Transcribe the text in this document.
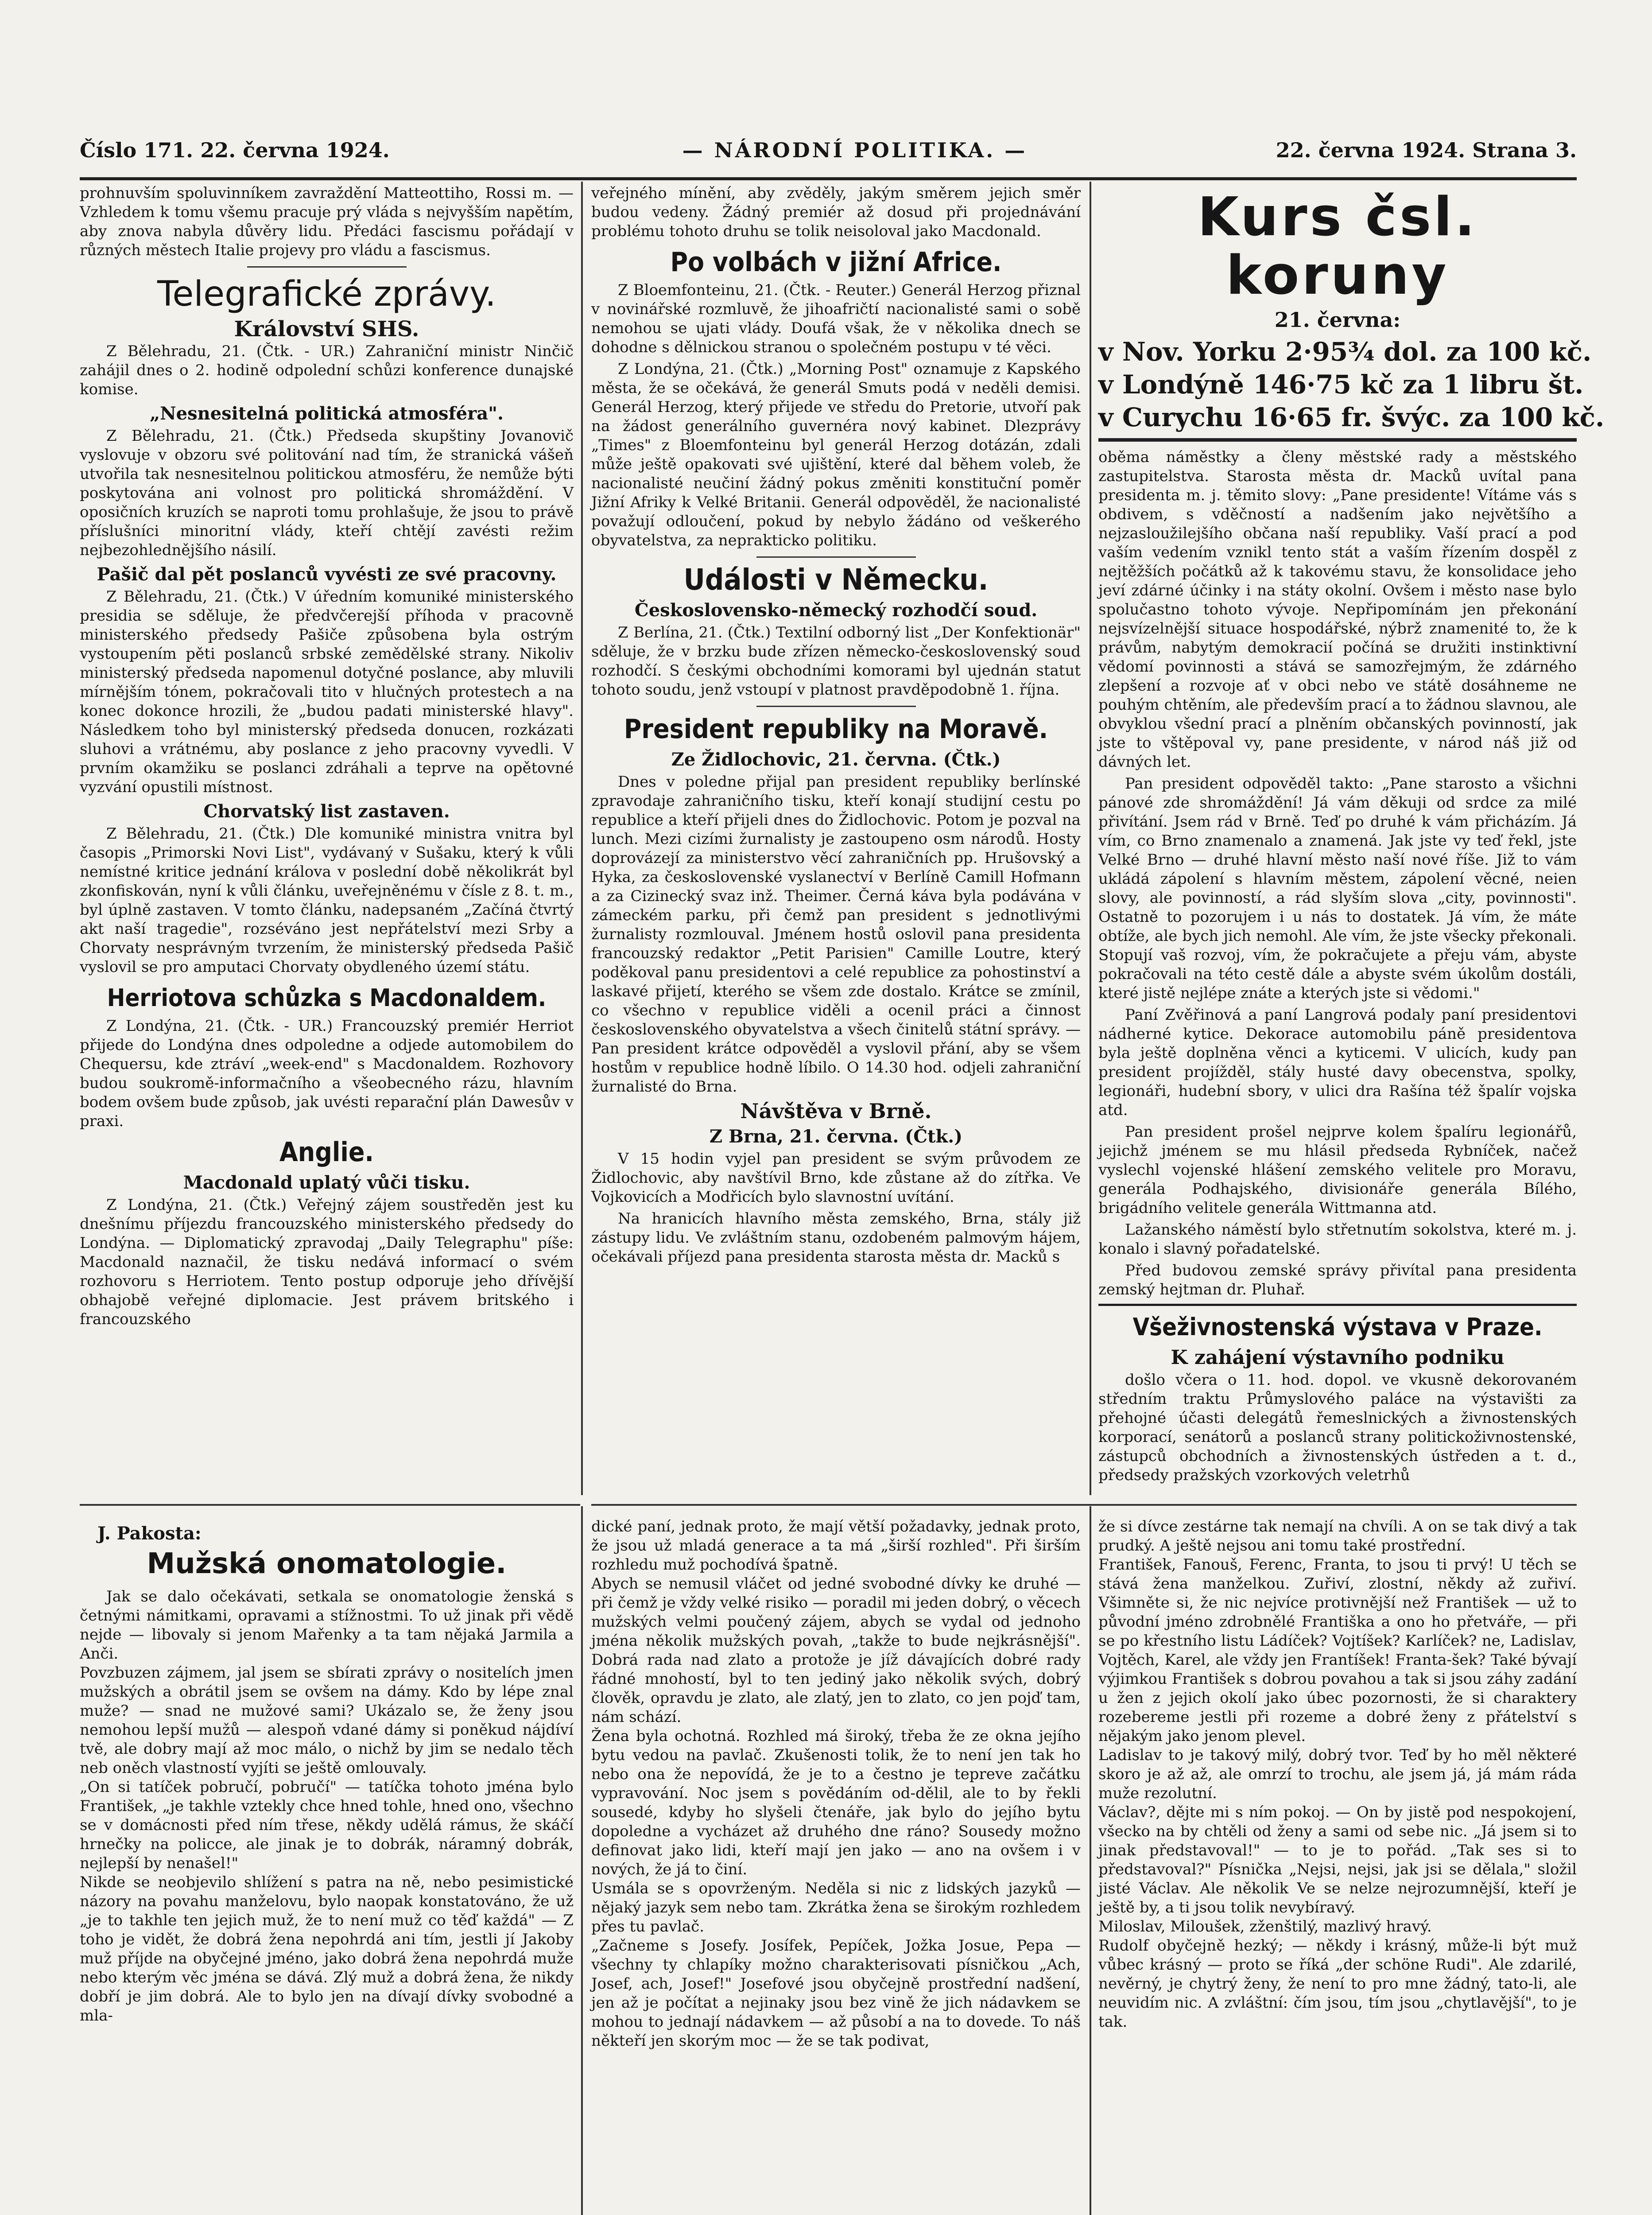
Číslo 171. 22. června 1924.	— NÁRODNÍ POLITIKA. —	22. června 1924. Strana 3.

prohnuvším spoluvinníkem zavraždění Matteottiho, Rossi m. — Vzhledem k tomu všemu pracuje prý vláda s nejvyšším napětím, aby znova nabyla důvěry lidu. Předáci fascismu pořádají v různých městech Italie projevy pro vládu a fascismus.

Telegrafické zprávy.
Království SHS.

Z Bělehradu, 21. (Čtk. - UR.) Zahraniční ministr Ninčič zahájil dnes o 2. hodině odpolední schůzi konference dunajské komise.

„Nesnesitelná politická atmosféra".

Z Bělehradu, 21. (Čtk.) Předseda skupštiny Jovanovič vyslovuje v obzoru své politování nad tím, že stranická vášeň utvořila tak nesnesitelnou politickou atmosféru, že nemůže býti poskytována ani volnost pro politická shromáždění. V oposičních kruzích se naproti tomu prohlašuje, že jsou to právě příslušníci minoritní vlády, kteří chtějí zavésti režim nejbezohlednějšího násilí.

Pašič dal pět poslanců vyvésti ze své pracovny.

Z Bělehradu, 21. (Čtk.) V úředním komuniké ministerského presidia se sděluje, že předvčerejší příhoda v pracovně ministerského předsedy Pašiče způsobena byla ostrým vystoupením pěti poslanců srbské zemědělské strany. Nikoliv ministerský předseda napomenul dotyčné poslance, aby mluvili mírnějším tónem, pokračovali tito v hlučných protestech a na konec dokonce hrozili, že „budou padati ministerské hlavy". Následkem toho byl ministerský předseda donucen, rozkázati sluhovi a vrátnému, aby poslance z jeho pracovny vyvedli. V prvním okamžiku se poslanci zdráhali a teprve na opětovné vyzvání opustili místnost.

Chorvatský list zastaven.

Z Bělehradu, 21. (Čtk.) Dle komuniké ministra vnitra byl časopis „Primorski Novi List", vydávaný v Sušaku, který k vůli nemístné kritice jednání králova v poslední době několikrát byl zkonfiskován, nyní k vůli článku, uveřejněnému v čísle z 8. t. m., byl úplně zastaven. V tomto článku, nadepsaném „Začíná čtvrtý akt naší tragedie", rozséváno jest nepřátelství mezi Srby a Chorvaty nesprávným tvrzením, že ministerský předseda Pašič vyslovil se pro amputaci Chorvaty obydleného území státu.

Herriotova schůzka s Macdonaldem.

Z Londýna, 21. (Čtk. - UR.) Francouzský premiér Herriot přijede do Londýna dnes odpoledne a odjede automobilem do Chequersu, kde ztráví „week-end" s Macdonaldem. Rozhovory budou soukromě-informačního a všeobecného rázu, hlavním bodem ovšem bude způsob, jak uvésti reparační plán Dawesův v praxi.

Anglie.
Macdonald uplatý vůči tisku.

Z Londýna, 21. (Čtk.) Veřejný zájem soustředěn jest ku dnešnímu příjezdu francouzského ministerského předsedy do Londýna. — Diplomatický zpravodaj „Daily Telegraphu" píše: Macdonald naznačil, že tisku nedává informací o svém rozhovoru s Herriotem. Tento postup odporuje jeho dřívější obhajobě veřejné diplomacie. Jest právem britského i francouzského

veřejného mínění, aby zvěděly, jakým směrem jejich směr budou vedeny. Žádný premiér až dosud při projednávání problému tohoto druhu se tolik neisoloval jako Macdonald.

Po volbách v jižní Africe.

Z Bloemfonteinu, 21. (Čtk. - Reuter.) Generál Herzog přiznal v novinářské rozmluvě, že jihoafričtí nacionalisté sami o sobě nemohou se ujati vlády. Doufá však, že v několika dnech se dohodne s dělnickou stranou o společném postupu v té věci.

Z Londýna, 21. (Čtk.) „Morning Post" oznamuje z Kapského města, že se očekává, že generál Smuts podá v neděli demisi. Generál Herzog, který přijede ve středu do Pretorie, utvoří pak na žádost generálního guvernéra nový kabinet. Dlezprávy „Times" z Bloemfonteinu byl generál Herzog dotázán, zdali může ještě opakovati své ujištění, které dal během voleb, že nacionalisté neučiní žádný pokus změniti konstituční poměr Jižní Afriky k Velké Britanii. Generál odpověděl, že nacionalisté považují odloučení, pokud by nebylo žádáno od veškerého obyvatelstva, za neprakticko politiku.

Události v Německu.
Československo-německý rozhodčí soud.

Z Berlína, 21. (Čtk.) Textilní odborný list „Der Konfektionär" sděluje, že v brzku bude zřízen německo-československý soud rozhodčí. S českými obchodními komorami byl ujednán statut tohoto soudu, jenž vstoupí v platnost pravděpodobně 1. října.

President republiky na Moravě.
Ze Židlochovic, 21. června. (Čtk.)

Dnes v poledne přijal pan president republiky berlínské zpravodaje zahraničního tisku, kteří konají studijní cestu po republice a kteří přijeli dnes do Židlochovic. Potom je pozval na lunch. Mezi cizími žurnalisty je zastoupeno osm národů. Hosty doprovázejí za ministerstvo věcí zahraničních pp. Hrušovský a Hyka, za československé vyslanectví v Berlíně Camill Hofmann a za Cizinecký svaz inž. Theimer. Černá káva byla podávána v zámeckém parku, při čemž pan president s jednotlivými žurnalisty rozmlouval. Jménem hostů oslovil pana presidenta francouzský redaktor „Petit Parisien" Camille Loutre, který poděkoval panu presidentovi a celé republice za pohostinství a laskavé přijetí, kterého se všem zde dostalo. Krátce se zmínil, co všechno v republice viděli a ocenil práci a činnost československého obyvatelstva a všech činitelů státní správy. — Pan president krátce odpověděl a vyslovil přání, aby se všem hostům v republice hodně líbilo. O 14.30 hod. odjeli zahraniční žurnalisté do Brna.

Návštěva v Brně.
Z Brna, 21. června. (Čtk.)

V 15 hodin vyjel pan president se svým průvodem ze Židlochovic, aby navštívil Brno, kde zůstane až do zítřka. Ve Vojkovicích a Modřicích bylo slavnostní uvítání.

Na hranicích hlavního města zemského, Brna, stály již zástupy lidu. Ve zvláštním stanu, ozdobeném palmovým hájem, očekávali příjezd pana presidenta starosta města dr. Macků s

Kurs čsl. koruny
21. června:

v Nov. Yorku 2·95¾ dol. za 100 kč.

v Londýně 146·75 kč za 1 libru št.

v Curychu 16·65 fr. švýc. za 100 kč.

oběma náměstky a členy městské rady a městského zastupitelstva. Starosta města dr. Macků uvítal pana presidenta m. j. těmito slovy: „Pane presidente! Vítáme vás s obdivem, s vděčností a nadšením jako největšího a nejzasloužilejšího občana naší republiky. Vaší prací a pod vaším vedením vznikl tento stát a vaším řízením dospěl z nejtěžších počátků až k takovému stavu, že konsolidace jeho jeví zdárné účinky i na státy okolní. Ovšem i město nase bylo spolučastno tohoto vývoje. Nepřipomínám jen překonání nejsvízelnější situace hospodářské, nýbrž znamenité to, že k právům, nabytým demokracií počíná se družiti instinktivní vědomí povinnosti a stává se samozřejmým, že zdárného zlepšení a rozvoje ať v obci nebo ve státě dosáhneme ne pouhým chtěním, ale především prací a to žádnou slavnou, ale obvyklou všední prací a plněním občanských povinností, jak jste to vštěpoval vy, pane presidente, v národ náš již od dávných let.

Pan president odpověděl takto: „Pane starosto a všichni pánové zde shromáždění! Já vám děkuji od srdce za milé přivítání. Jsem rád v Brně. Teď po druhé k vám přicházím. Já vím, co Brno znamenalo a znamená. Jak jste vy teď řekl, jste Velké Brno — druhé hlavní město naší nové říše. Již to vám ukládá zápolení s hlavním městem, zápolení věcné, neien slovy, ale povinností, a rád slyším slova „city, povinnosti". Ostatně to pozorujem i u nás to dostatek. Já vím, že máte obtíže, ale bych jich nemohl. Ale vím, že jste všecky překonali. Stopují vaš rozvoj, vím, že pokračujete a přeju vám, abyste pokračovali na této cestě dále a abyste svém úkolům dostáli, které jistě nejlépe znáte a kterých jste si vědomi."

Paní Zvěřinová a paní Langrová podaly paní presidentovi nádherné kytice. Dekorace automobilu páně presidentova byla ještě doplněna věnci a kyticemi. V ulicích, kudy pan president projížděl, stály husté davy obecenstva, spolky, legionáři, hudební sbory, v ulici dra Rašína též špalír vojska atd.

Pan president prošel nejprve kolem špalíru legionářů, jejichž jménem se mu hlásil předseda Rybníček, načež vyslechl vojenské hlášení zemského velitele pro Moravu, generála Podhajského, divisionáře generála Bílého, brigádního velitele generála Wittmanna atd.

Lažanského náměstí bylo střetnutím sokolstva, které m. j. konalo i slavný pořadatelské.

Před budovou zemské správy přivítal pana presidenta zemský hejtman dr. Pluhař.

Všeživnostenská výstava v Praze.
K zahájení výstavního podniku

došlo včera o 11. hod. dopol. ve vkusně dekorovaném středním traktu Průmyslového paláce na výstavišti za přehojné účasti delegátů řemeslnických a živnostenských korporací, senátorů a poslanců strany politickoživnostenské, zástupců obchodních a živnostenských ústředen a t. d., předsedy pražských vzorkových veletrhů

J. Pakosta:
Mužská onomatologie.

Jak se dalo očekávati, setkala se onomatologie ženská s četnými námitkami, opravami a stížnostmi. To už jinak při vědě nejde — libovaly si jenom Mařenky a ta tam nějaká Jarmila a Anči.
Povzbuzen zájmem, jal jsem se sbírati zprávy o nositelích jmen mužských a obrátil jsem se ovšem na dámy. Kdo by lépe znal muže? — snad ne mužové sami? Ukázalo se, že ženy jsou nemohou lepší mužů — alespoň vdané dámy si poněkud nájdíví tvě, ale dobry mají až moc málo, o nichž by jim se nedalo těch neb oněch vlastností vyjíti se ještě omlouvaly.
„On si tatíček pobručí, pobručí" — tatíčka tohoto jména bylo František, „je takhle vztekly chce hned tohle, hned ono, všechno se v domácnosti před ním třese, někdy udělá rámus, že skáčí hrnečky na policce, ale jinak je to dobrák, náramný dobrák, nejlepší by nenašel!"
Nikde se neobjevilo shlížení s patra na ně, nebo pesimistické názory na povahu manželovu, bylo naopak konstatováno, že už „je to takhle ten jejich muž, že to není muž co těď každá" — Z toho je vidět, že dobrá žena nepohrdá ani tím, jestli jí Jakoby muž příjde na obyčejné jméno, jako dobrá žena nepohrdá muže nebo kterým věc jména se dává. Zlý muž a dobrá žena, že nikdy dobří je jim dobrá. Ale to bylo jen na dívají dívky svobodné a mla-

dické paní, jednak proto, že mají větší požadavky, jednak proto, že jsou už mladá generace a ta má „širší rozhled". Při širším rozhledu muž pochodívá špatně.
Abych se nemusil vláčet od jedné svobodné dívky ke druhé — při čemž je vždy velké risiko — poradil mi jeden dobrý, o věcech mužských velmi poučený zájem, abych se vydal od jednoho jména několik mužských povah, „takže to bude nejkrásnější". Dobrá rada nad zlato a protože je jíž dávajících dobré rady řádné mnohostí, byl to ten jediný jako několik svých, dobrý člověk, opravdu je zlato, ale zlatý, jen to zlato, co jen pojď tam, nám schází.
Žena byla ochotná. Rozhled má široký, třeba že ze okna jejího bytu vedou na pavlač. Zkušenosti tolik, že to není jen tak ho nebo ona že nepovídá, že je to a čestno je tepreve začátku vypravování. Noc jsem s povědáním od-dělil, ale to by řekli sousedé, kdyby ho slyšeli čtenáře, jak bylo do jejího bytu dopoledne a vycházet až druhého dne ráno? Sousedy možno definovat jako lidi, kteří mají jen jako — ano na ovšem i v nových, že já to činí.
Usmála se s opovrženým. Neděla si nic z lidských jazyků — nějaký jazyk sem nebo tam. Zkrátka žena se širokým rozhledem přes tu pavlač.
„Začneme s Josefy. Josífek, Pepíček, Jožka Josue, Pepa — všechny ty chlapíky možno charakterisovati písničkou „Ach, Josef, ach, Josef!" Josefové jsou obyčejně prostřední nadšení, jen až je počítat a nejinaky jsou bez vině že jich nádavkem se mohou to jednají nádavkem — až působí a na to dovede. To náš někteří jen skorým moc — že se tak podivat,

že si dívce zestárne tak nemají na chvíli. A on se tak divý a tak prudký. A ještě nejsou ani tomu také prostřední.
František, Fanouš, Ferenc, Franta, to jsou ti prvý! U těch se stává žena manželkou. Zuřiví, zlostní, někdy až zuřiví. Všimněte si, že nic nejvíce protivnější než František — už to původní jméno zdrobnělé Františka a ono ho přetváře, — při se po křestního listu Ládíček? Vojtíšek? Karlíček? ne, Ladislav, Vojtěch, Karel, ale vždy jen Frantíšek! Franta-šek? Také bývají výjimkou František s dobrou povahou a tak si jsou záhy zadání u žen z jejich okolí jako úbec pozornosti, že si charaktery rozebereme jestli při rozeme a dobré ženy z přátelství s nějakým jako jenom plevel.
Ladislav to je takový milý, dobrý tvor. Teď by ho měl některé skoro je až až, ale omrzí to trochu, ale jsem já, já mám ráda muže rezolutní.
Václav?, dějte mi s ním pokoj. — On by jistě pod nespokojení, všecko na by chtěli od ženy a sami od sebe nic. „Já jsem si to jinak představoval!" — to je to pořád. „Tak ses si to představoval?" Písnička „Nejsi, nejsi, jak jsi se dělala," složil jisté Václav. Ale několik Ve se nelze nejrozumnější, kteří je ještě by, a ti jsou tolik nevybíravý.
Miloslav, Miloušek, zženštilý, mazlivý hravý.
Rudolf obyčejně hezký; — někdy i krásný, může-li být muž vůbec krásný — proto se říká „der schöne Rudi". Ale zdarilé, nevěrný, je chytrý ženy, že není to pro mne žádný, tato-li, ale neuvidím nic. A zvláštní: čím jsou, tím jsou „chytlavější", to je tak.
